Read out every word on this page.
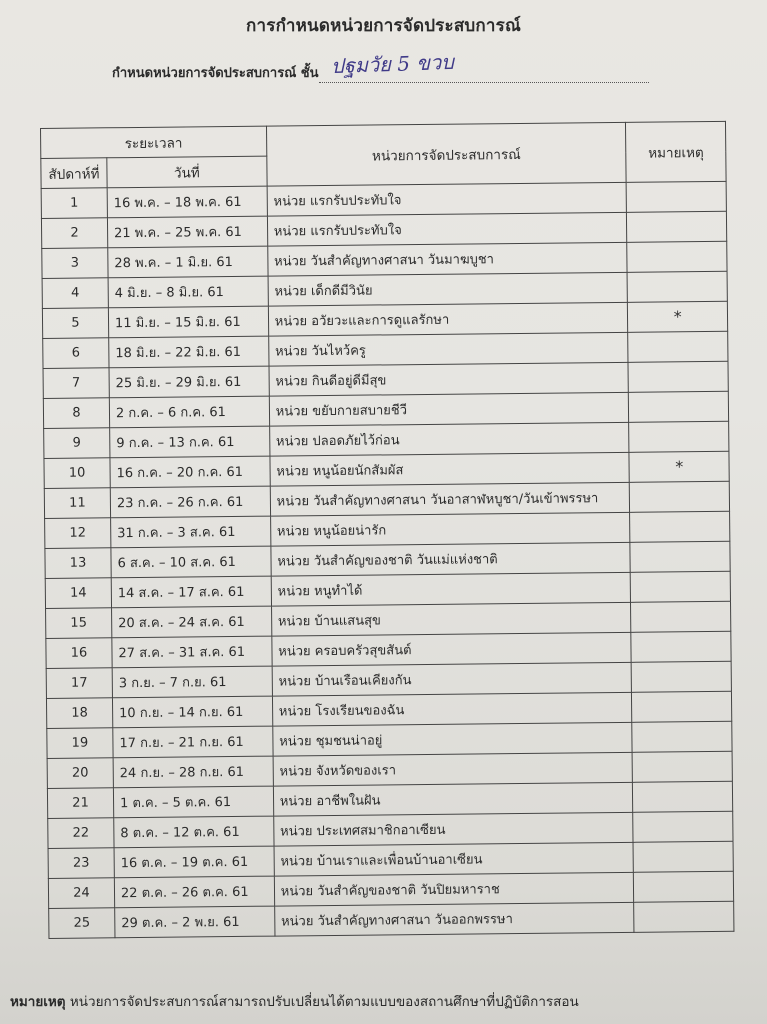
การกำหนดหน่วยการจัดประสบการณ์
กำหนดหน่วยการจัดประสบการณ์ ชั้น ปฐมวัย 5 ขวบ
ระยะเวลา		หน่วยการจัดประสบการณ์	หมายเหตุ
สัปดาห์ที่	วันที่		
1	16 พ.ค. – 18 พ.ค. 61	หน่วย แรกรับประทับใจ	
2	21 พ.ค. – 25 พ.ค. 61	หน่วย แรกรับประทับใจ	
3	28 พ.ค. – 1 มิ.ย. 61	หน่วย วันสำคัญทางศาสนา วันมาฆบูชา	
4	4 มิ.ย. – 8 มิ.ย. 61	หน่วย เด็กดีมีวินัย	
5	11 มิ.ย. – 15 มิ.ย. 61	หน่วย อวัยวะและการดูแลรักษา	*
6	18 มิ.ย. – 22 มิ.ย. 61	หน่วย วันไหว้ครู	
7	25 มิ.ย. – 29 มิ.ย. 61	หน่วย กินดีอยู่ดีมีสุข	
8	2 ก.ค. – 6 ก.ค. 61	หน่วย ขยับกายสบายชีวี	
9	9 ก.ค. – 13 ก.ค. 61	หน่วย ปลอดภัยไว้ก่อน	
10	16 ก.ค. – 20 ก.ค. 61	หน่วย หนูน้อยนักสัมผัส	*
11	23 ก.ค. – 26 ก.ค. 61	หน่วย วันสำคัญทางศาสนา วันอาสาฬหบูชา/วันเข้าพรรษา	
12	31 ก.ค. – 3 ส.ค. 61	หน่วย หนูน้อยน่ารัก	
13	6 ส.ค. – 10 ส.ค. 61	หน่วย วันสำคัญของชาติ วันแม่แห่งชาติ	
14	14 ส.ค. – 17 ส.ค. 61	หน่วย หนูทำได้	
15	20 ส.ค. – 24 ส.ค. 61	หน่วย บ้านแสนสุข	
16	27 ส.ค. – 31 ส.ค. 61	หน่วย ครอบครัวสุขสันต์	
17	3 ก.ย. – 7 ก.ย. 61	หน่วย บ้านเรือนเคียงกัน	
18	10 ก.ย. – 14 ก.ย. 61	หน่วย โรงเรียนของฉัน	
19	17 ก.ย. – 21 ก.ย. 61	หน่วย ชุมชนน่าอยู่	
20	24 ก.ย. – 28 ก.ย. 61	หน่วย จังหวัดของเรา	
21	1 ต.ค. – 5 ต.ค. 61	หน่วย อาชีพในฝัน	
22	8 ต.ค. – 12 ต.ค. 61	หน่วย ประเทศสมาชิกอาเซียน	
23	16 ต.ค. – 19 ต.ค. 61	หน่วย บ้านเราและเพื่อนบ้านอาเซียน	
24	22 ต.ค. – 26 ต.ค. 61	หน่วย วันสำคัญของชาติ วันปิยมหาราช	
25	29 ต.ค. – 2 พ.ย. 61	หน่วย วันสำคัญทางศาสนา วันออกพรรษา	
หมายเหตุ หน่วยการจัดประสบการณ์สามารถปรับเปลี่ยนได้ตามแบบของสถานศึกษาที่ปฏิบัติการสอน
